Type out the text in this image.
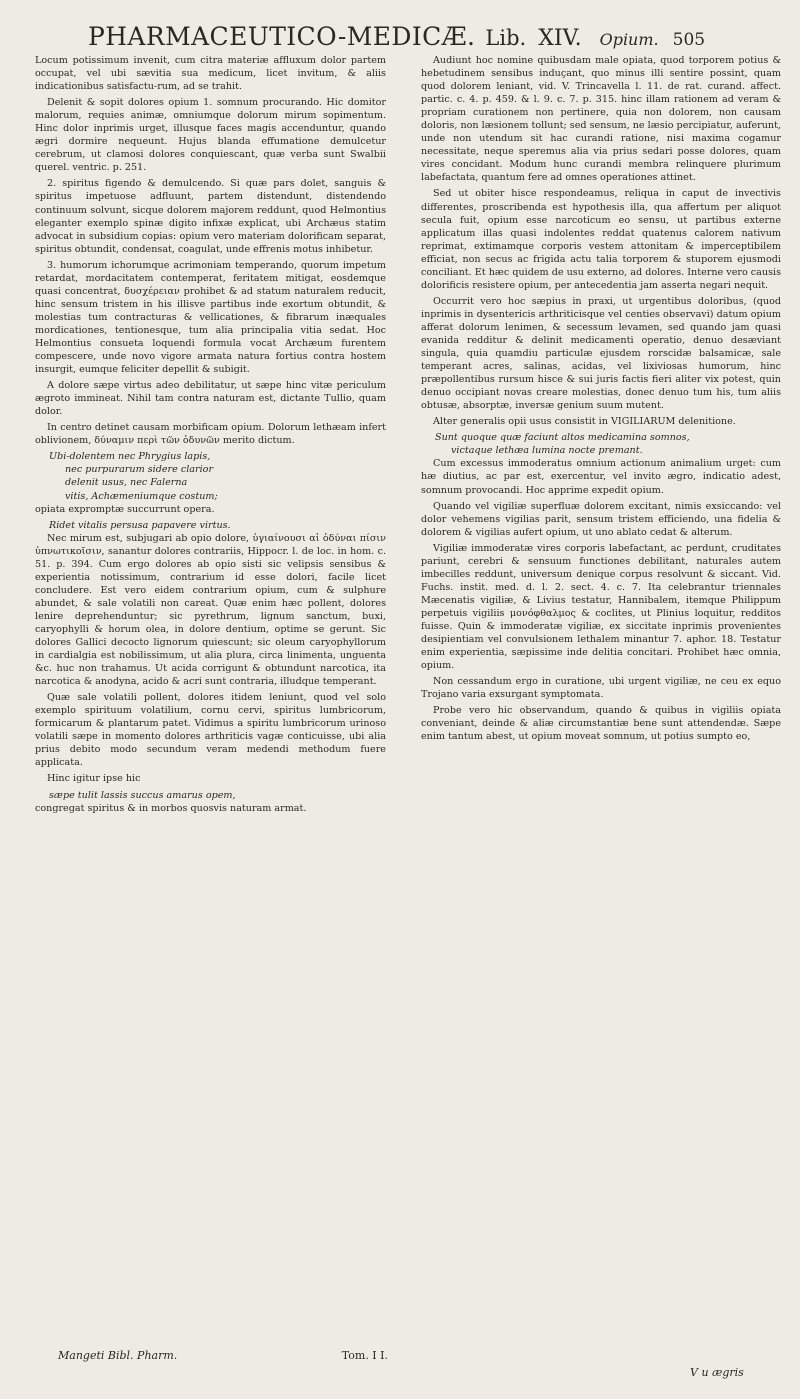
PHARMACEUTICO-MEDICÆ. Lib. XIV. Opium. 505

Locum potissimum invenit, cum citra materiæ affluxum dolor partem occupat, vel ubi sævitia sua medicum, licet invitum, & aliis indicationibus satisfactu-rum, ad se trahit.

Delenit & sopit dolores opium 1. somnum procurando. Hic domitor malorum, requies animæ, omniumque dolorum mirum sopimentum. Hinc dolor inprimis urget, illusque faces magis accenduntur, quando ægri dormire nequeunt. Hujus blanda effumatione demulcetur cerebrum, ut clamosi dolores conquiescant, quæ verba sunt Swalbii querel. ventric. p. 251.

2. spiritus figendo & demulcendo. Si quæ pars dolet, sanguis & spiritus impetuose adfluunt, partem distendunt, distendendo continuum solvunt, sicque dolorem majorem reddunt, quod Helmontius eleganter exemplo spinæ digito infixæ explicat, ubi Archæus statim advocat in subsidium copias: opium vero materiam dolorificam separat, spiritus obtundit, condensat, coagulat, unde effrenis motus inhibetur.

3. humorum ichorumque acrimoniam temperando, quorum impetum retardat, mordacitatem contemperat, feritatem mitigat, eosdemque quasi concentrat, δυσχέρειαν prohibet & ad statum naturalem reducit, hinc sensum tristem in his illisve partibus inde exortum obtundit, & molestias tum contracturas & vellicationes, & fibrarum inæquales mordicationes, tentionesque, tum alia principalia vitia sedat. Hoc Helmontius consueta loquendi formula vocat Archæum furentem compescere, unde novo vigore armata natura fortius contra hostem insurgit, eumque feliciter depellit & subigit.

A dolore sæpe virtus adeo debilitatur, ut sæpe hinc vitæ periculum ægroto immineat. Nihil tam contra naturam est, dictante Tullio, quam dolor.

In centro detinet causam morbificam opium. Dolorum lethæam infert oblivionem, δύναμιν περὶ τῶν ὀδυνῶν merito dictum.

Ubi-dolentem nec Phrygius lapis,

nec purpurarum sidere clarior

delenit usus, nec Falerna

vitis, Achæmeniumque costum;

opiata expromptæ succurrunt opera.

Ridet vitalis persusa papavere virtus.

Nec mirum est, subjugari ab opio dolore, ὑγιαίνουσι αἱ ὀδύναι πίσιν ὑπνωτικοῖσιν, sanantur dolores contrariis, Hippocr. l. de loc. in hom. c. 51. p. 394. Cum ergo dolores ab opio sisti sic velipsis sensibus & experientia notissimum, contrarium id esse dolori, facile licet concludere. Est vero eidem contrarium opium, cum & sulphure abundet, & sale volatili non careat. Quæ enim hæc pollent, dolores lenire deprehenduntur; sic pyrethrum, lignum sanctum, buxi, caryophylli & horum olea, in dolore dentium, optime se gerunt. Sic dolores Gallici decocto lignorum quiescunt; sic oleum caryophyllorum in cardialgia est nobilissimum, ut alia plura, circa linimenta, unguenta &c. huc non trahamus. Ut acida corrigunt & obtundunt narcotica, ita narcotica & anodyna, acido & acri sunt contraria, illudque temperant.

Quæ sale volatili pollent, dolores itidem leniunt, quod vel solo exemplo spirituum volatilium, cornu cervi, spiritus lumbricorum, formicarum & plantarum patet. Vidimus a spiritu lumbricorum urinoso volatili sæpe in momento dolores arthriticis vagæ conticuisse, ubi alia prius debito modo secundum veram medendi methodum fuere applicata.

Hinc igitur ipse hic

sæpe tulit lassis succus amarus opem,

congregat spiritus & in morbos quosvis naturam armat.

Audiunt hoc nomine quibusdam male opiata, quod torporem potius & hebetudinem sensibus induçant, quo minus illi sentire possint, quam quod dolorem leniant, vid. V. Trincavella l. 11. de rat. curand. affect. partic. c. 4. p. 459. & l. 9. c. 7. p. 315. hinc illam rationem ad veram & propriam curationem non pertinere, quia non dolorem, non causam doloris, non læsionem tollunt; sed sensum, ne læsio percipiatur, auferunt, unde non utendum sit hac curandi ratione, nisi maxima cogamur necessitate, neque speremus alia via prius sedari posse dolores, quam vires concidant. Modum hunc curandi membra relinquere plurimum labefactata, quantum fere ad omnes operationes attinet.

Sed ut obiter hisce respondeamus, reliqua in caput de invectivis differentes, proscribenda est hypothesis illa, qua affertum per aliquot secula fuit, opium esse narcoticum eo sensu, ut partibus externe applicatum illas quasi indolentes reddat quatenus calorem nativum reprimat, extimamque corporis vestem attonitam & imperceptibilem efficiat, non secus ac frigida actu talia torporem & stuporem ejusmodi conciliant. Et hæc quidem de usu externo, ad dolores. Interne vero causis dolorificis resistere opium, per antecedentia jam asserta negari nequit.

Occurrit vero hoc sæpius in praxi, ut urgentibus doloribus, (quod inprimis in dysentericis arthriticisque vel centies observavi) datum opium afferat dolorum lenimen, & secessum levamen, sed quando jam quasi evanida redditur & delinit medicamenti operatio, denuo desæviant singula, quia quamdiu particulæ ejusdem rorscidæ balsamicæ, sale temperant acres, salinas, acidas, vel lixiviosas humorum, hinc præpollentibus rursum hisce & sui juris factis fieri aliter vix potest, quin denuo occipiant novas creare molestias, donec denuo tum his, tum aliis obtusæ, absorptæ, inversæ genium suum mutent.

Alter generalis opii usus consistit in VIGILIARUM delenitione.

Sunt quoque quæ faciunt altos medicamina somnos,

victaque lethæa lumina nocte premant.

Cum excessus immoderatus omnium actionum animalium urget: cum hæ diutius, ac par est, exercentur, vel invito ægro, indicatio adest, somnum provocandi. Hoc apprime expedit opium.

Quando vel vigiliæ superfluæ dolorem excitant, nimis exsiccando: vel dolor vehemens vigilias parit, sensum tristem efficiendo, una fidelia & dolorem & vigilias aufert opium, ut uno ablato cedat & alterum.

Vigiliæ immoderatæ vires corporis labefactant, ac perdunt, cruditates pariunt, cerebri & sensuum functiones debilitant, naturales autem imbecilles reddunt, universum denique corpus resolvunt & siccant. Vid. Fuchs. instit. med. d. l. 2. sect. 4. c. 7. Ita celebrantur triennales Mæcenatis vigiliæ, & Livius testatur, Hannibalem, itemque Philippum perpetuis vigiliis μονόφθαλμος & coclites, ut Plinius loquitur, redditos fuisse. Quin & immoderatæ vigiliæ, ex siccitate inprimis provenientes desipientiam vel convulsionem lethalem minantur 7. aphor. 18. Testatur enim experientia, sæpissime inde delitia concitari. Prohibet hæc omnia, opium.

Non cessandum ergo in curatione, ubi urgent vigiliæ, ne ceu ex equo Trojano varia exsurgant symptomata.

Probe vero hic observandum, quando & quibus in vigiliis opiata conveniant, deinde & aliæ circumstantiæ bene sunt attendendæ. Sæpe enim tantum abest, ut opium moveat somnum, ut potius sumpto eo,

Mangeti Bibl. Pharm.	Tom. I I.
V u ægris
